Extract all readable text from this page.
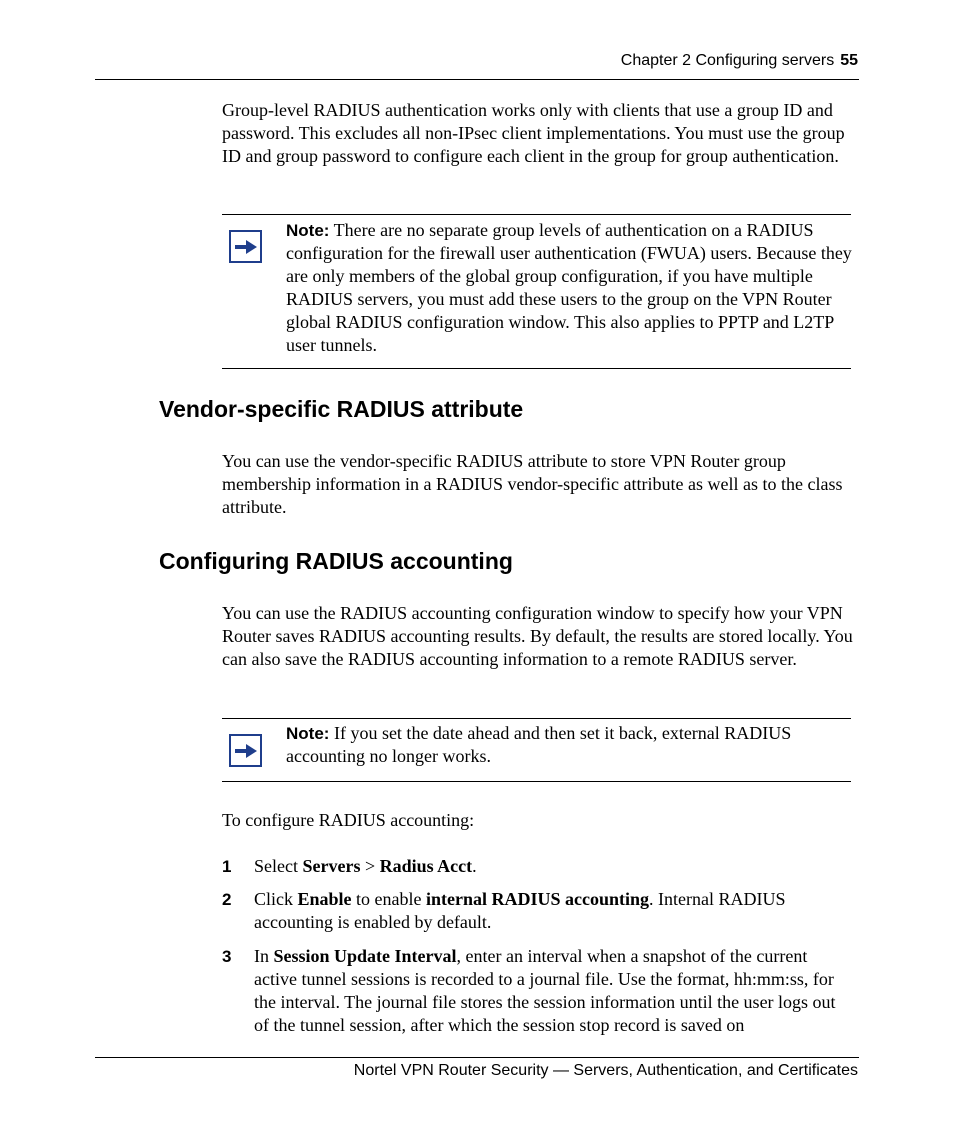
Chapter 2 Configuring servers 55

Group-level RADIUS authentication works only with clients that use a group ID and password. This excludes all non-IPsec client implementations. You must use the group ID and group password to configure each client in the group for group authentication.

Note: There are no separate group levels of authentication on a RADIUS configuration for the firewall user authentication (FWUA) users. Because they are only members of the global group configuration, if you have multiple RADIUS servers, you must add these users to the group on the VPN Router global RADIUS configuration window. This also applies to PPTP and L2TP user tunnels.

Vendor-specific RADIUS attribute

You can use the vendor-specific RADIUS attribute to store VPN Router group membership information in a RADIUS vendor-specific attribute as well as to the class attribute.

Configuring RADIUS accounting

You can use the RADIUS accounting configuration window to specify how your VPN Router saves RADIUS accounting results. By default, the results are stored locally. You can also save the RADIUS accounting information to a remote RADIUS server.

Note: If you set the date ahead and then set it back, external RADIUS accounting no longer works.

To configure RADIUS accounting:

1 Select Servers > Radius Acct.
2 Click Enable to enable internal RADIUS accounting. Internal RADIUS accounting is enabled by default.
3 In Session Update Interval, enter an interval when a snapshot of the current active tunnel sessions is recorded to a journal file. Use the format, hh:mm:ss, for the interval. The journal file stores the session information until the user logs out of the tunnel session, after which the session stop record is saved on
Nortel VPN Router Security — Servers, Authentication, and Certificates
